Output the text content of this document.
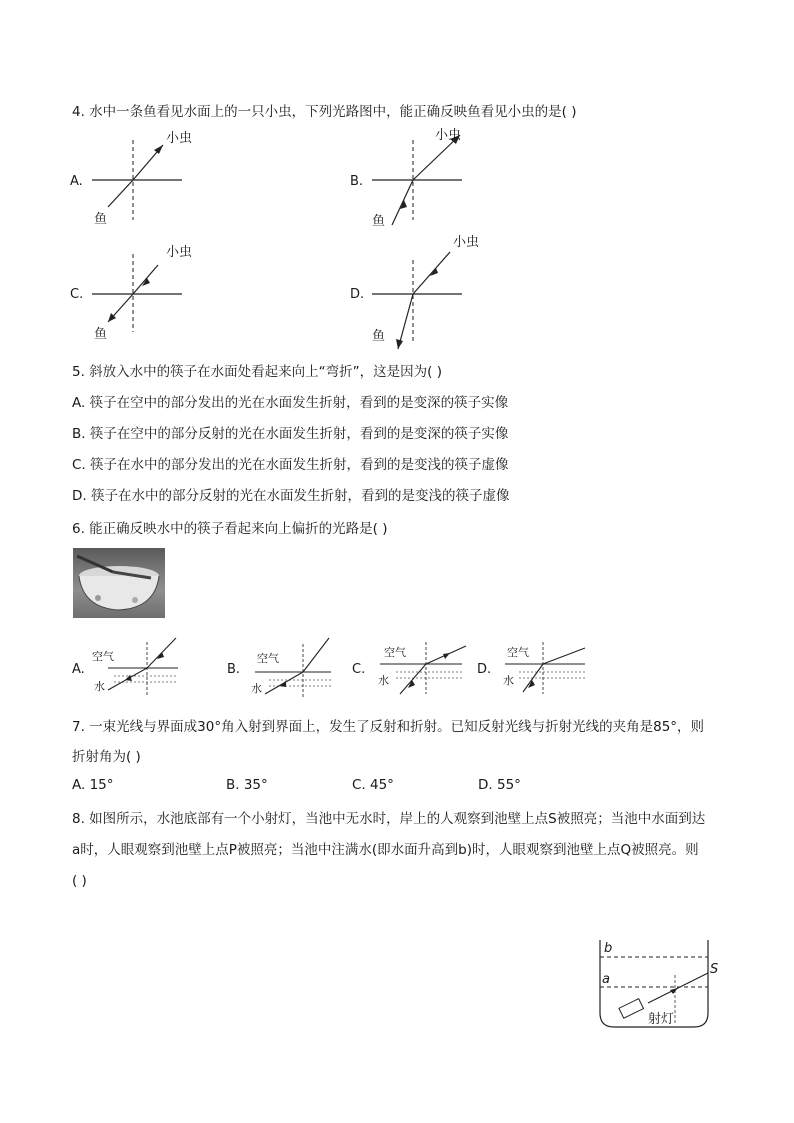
4. 水中一条鱼看见水面上的一只小虫，下列光路图中，能正确反映鱼看见小虫的是( )
A.
小虫
鱼
B.
小虫
鱼
C.
小虫
鱼
D.
小虫
鱼
5. 斜放入水中的筷子在水面处看起来向上“弯折”，这是因为( )
A. 筷子在空中的部分发出的光在水面发生折射，看到的是变深的筷子实像
B. 筷子在空中的部分反射的光在水面发生折射，看到的是变深的筷子实像
C. 筷子在水中的部分发出的光在水面发生折射，看到的是变浅的筷子虚像
D. 筷子在水中的部分反射的光在水面发生折射，看到的是变浅的筷子虚像
6. 能正确反映水中的筷子看起来向上偏折的光路是( )
A.
空气
水
B.
空气
水
C.
空气
水
D.
空气
水
7. 一束光线与界面成30°角入射到界面上，发生了反射和折射。已知反射光线与折射光线的夹角是85°，则
折射角为( )
A. 15°	B. 35°	C. 45°	D. 55°
8. 如图所示，水池底部有一个小射灯，当池中无水时，岸上的人观察到池壁上点S被照亮；当池中水面到达
a时，人眼观察到池壁上点P被照亮；当池中注满水(即水面升高到b)时，人眼观察到池壁上点Q被照亮。则
( )
b
a
S
射灯
